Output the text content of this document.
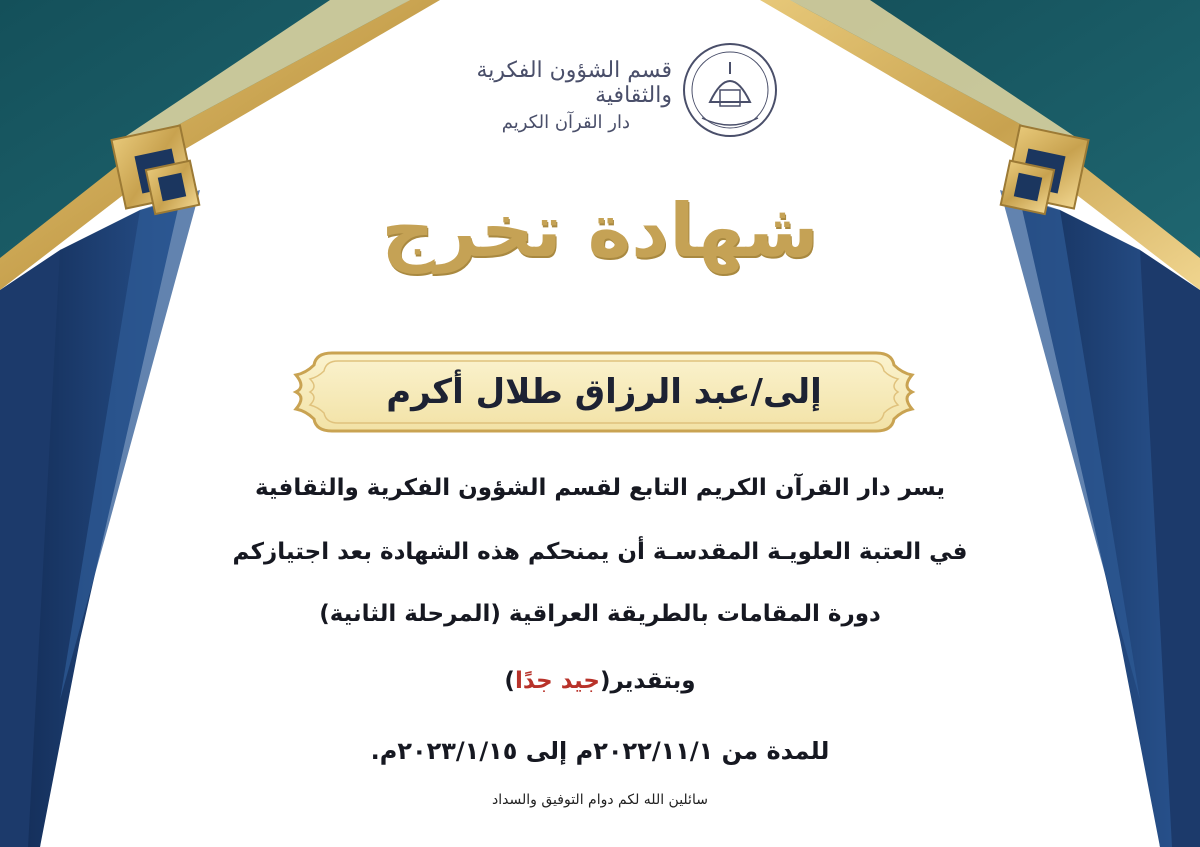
قسم الشؤون الفكرية والثقافية
دار القرآن الكريم
شهادة تخرج
إلى/عبد الرزاق طلال أكرم
يسر دار القرآن الكريم التابع لقسم الشؤون الفكرية والثقافية
في العتبة العلويـة المقدسـة أن يمنحكم هذه الشهادة بعد اجتيازكم
دورة المقامات بالطريقة العراقية (المرحلة الثانية)
وبتقدير(جيد جدًا)
للمدة من ٢٠٢٢/١١/١م إلى ٢٠٢٣/١/١٥م.
سائلين الله لكم دوام التوفيق والسداد
